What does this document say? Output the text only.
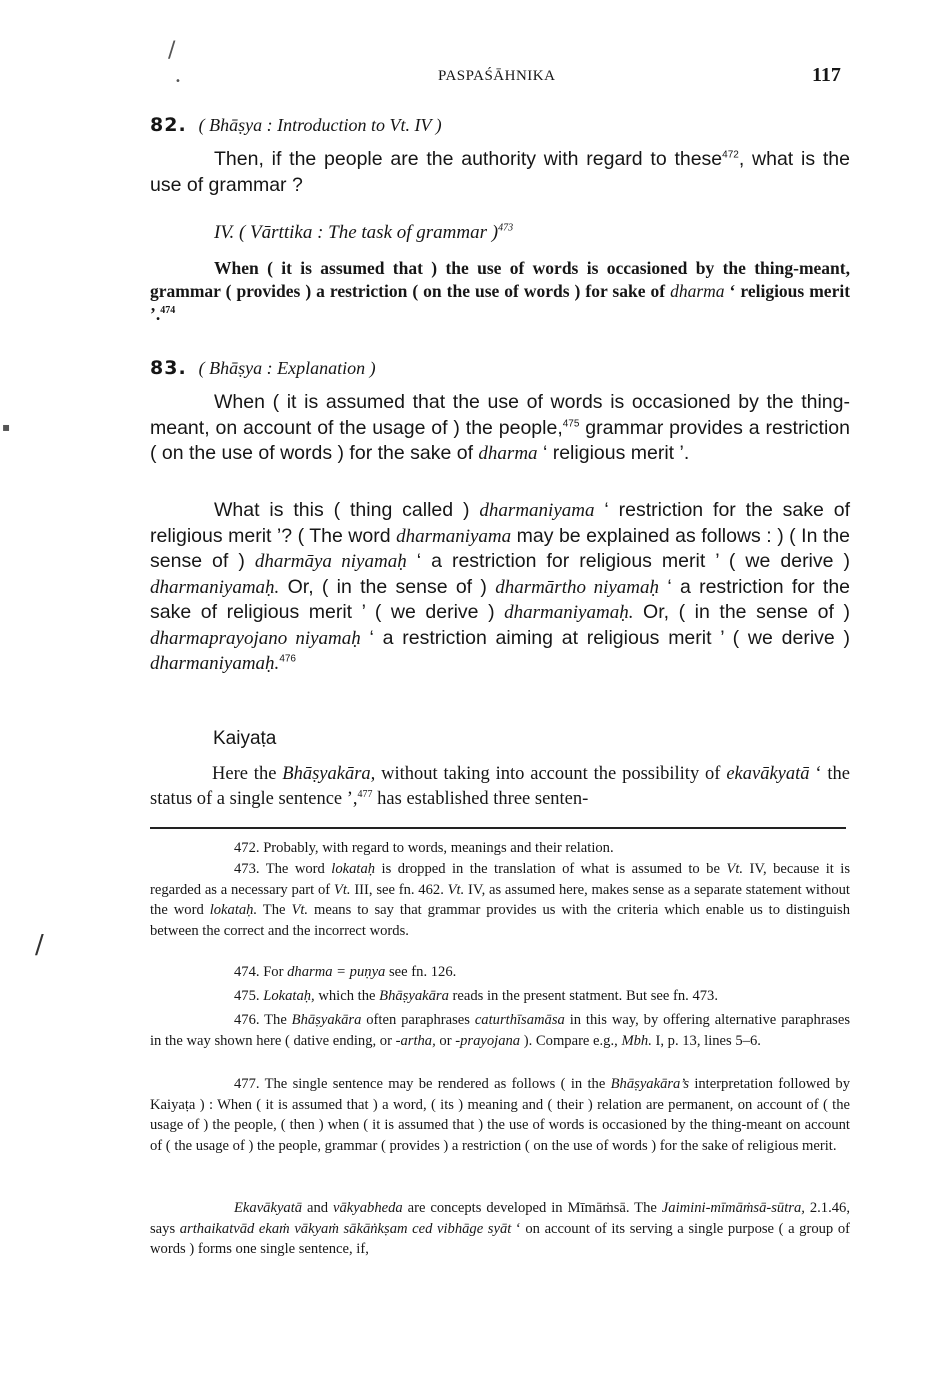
/
•
/
▪
PASPAŚĀHNIKA	117
82. ( Bhāṣya : Introduction to Vt. IV )
Then, if the people are the authority with regard to these$^{472}$, what is the use of grammar ?
IV. ( Vārttika : The task of grammar )$^{473}$
When ( it is assumed that ) the use of words is occasioned by the thing-meant, grammar ( provides ) a restriction ( on the use of words ) for sake of dharma ‘ religious merit ’.$^{474}$
83. ( Bhāṣya : Explanation )
When ( it is assumed that the use of words is occasioned by the thing-meant, on account of the usage of ) the people,$^{475}$ grammar provides a restriction ( on the use of words ) for the sake of dharma ‘ religious merit ’.
What is this ( thing called ) dharmaniyama ‘ restriction for the sake of religious merit ’? ( The word dharmaniyama may be explained as follows : ) ( In the sense of ) dharmāya niyamaḥ ‘ a restriction for religious merit ’ ( we derive ) dharmaniyamaḥ. Or, ( in the sense of ) dharmārtho niyamaḥ ‘ a restriction for the sake of religious merit ’ ( we derive ) dharmaniyamaḥ. Or, ( in the sense of ) dharmaprayojano niyamaḥ ‘ a restriction aiming at religious merit ’ ( we derive ) dharmaniyamaḥ.$^{476}$
Kaiyaṭa
Here the Bhāṣyakāra, without taking into account the possibility of ekavākyatā ‘ the status of a single sentence ’,$^{477}$ has established three senten-
472. Probably, with regard to words, meanings and their relation.
473. The word lokataḥ is dropped in the translation of what is assumed to be Vt. IV, because it is regarded as a necessary part of Vt. III, see fn. 462. Vt. IV, as assumed here, makes sense as a separate statement without the word lokataḥ. The Vt. means to say that grammar provides us with the criteria which enable us to distinguish between the correct and the incorrect words.
474. For dharma = puṇya see fn. 126.
475. Lokataḥ, which the Bhāṣyakāra reads in the present statment. But see fn. 473.
476. The Bhāṣyakāra often paraphrases caturthīsamāsa in this way, by offering alternative paraphrases in the way shown here ( dative ending, or -artha, or -prayojana ). Compare e.g., Mbh. I, p. 13, lines 5–6.
477. The single sentence may be rendered as follows ( in the Bhāṣyakāra’s interpretation followed by Kaiyaṭa ) : When ( it is assumed that ) a word, ( its ) meaning and ( their ) relation are permanent, on account of ( the usage of ) the people, ( then ) when ( it is assumed that ) the use of words is occasioned by the thing-meant on account of ( the usage of ) the people, grammar ( provides ) a restriction ( on the use of words ) for the sake of religious merit.
Ekavākyatā and vākyabheda are concepts developed in Mīmāṁsā. The Jaimini-mīmāṁsā-sūtra, 2.1.46, says arthaikatvād ekaṁ vākyaṁ sākāṅkṣam ced vibhāge syāt ‘ on account of its serving a single purpose ( a group of words ) forms one single sentence, if,
